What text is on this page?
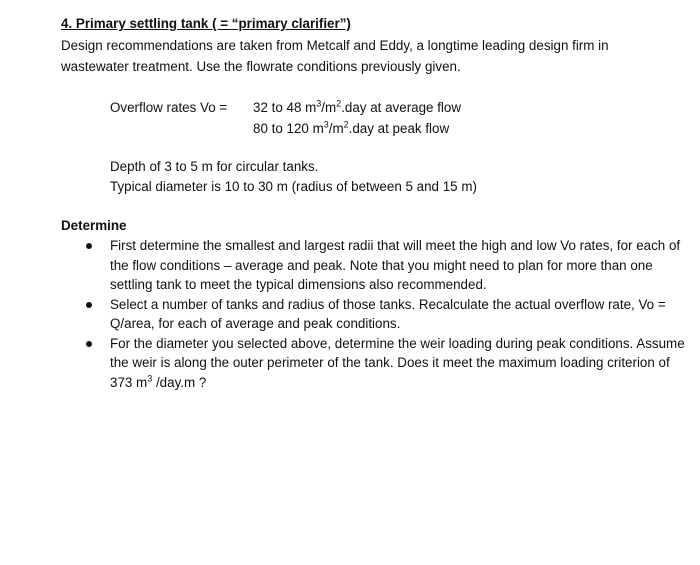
4. Primary settling tank ( = “primary clarifier”)
Design recommendations are taken from Metcalf and Eddy, a longtime leading design firm in wastewater treatment. Use the flowrate conditions previously given.
Overflow rates Vo = 32 to 48 $m^3/m^2.day$ at average flow
80 to 120 $m^3/m^2.day$ at peak flow
Depth of 3 to 5 m for circular tanks.
Typical diameter is 10 to 30 m (radius of between 5 and 15 m)
Determine
First determine the smallest and largest radii that will meet the high and low Vo rates, for each of the flow conditions – average and peak. Note that you might need to plan for more than one settling tank to meet the typical dimensions also recommended.
Select a number of tanks and radius of those tanks. Recalculate the actual overflow rate, Vo = Q/area, for each of average and peak conditions.
For the diameter you selected above, determine the weir loading during peak conditions. Assume the weir is along the outer perimeter of the tank. Does it meet the maximum loading criterion of 373 $m^3$ /day.m ?
